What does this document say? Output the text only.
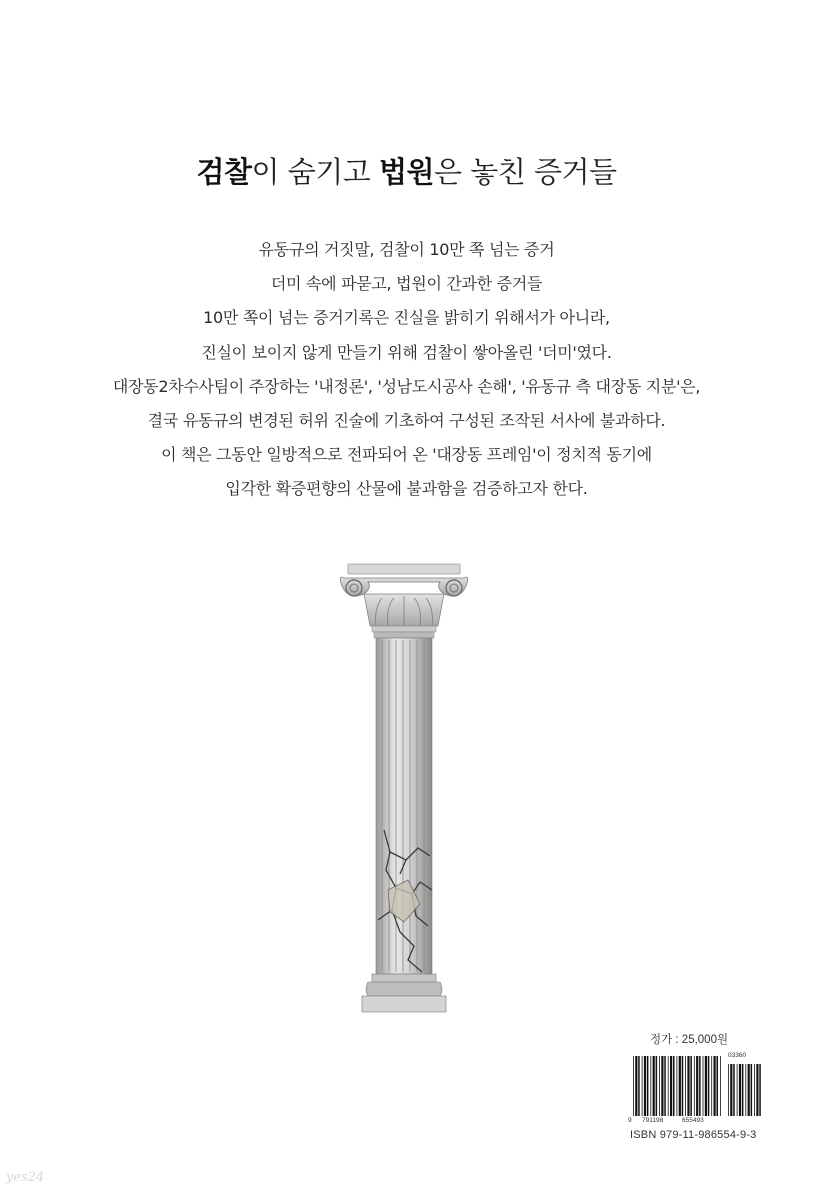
검찰이 숨기고 법원은 놓친 증거들
유동규의 거짓말, 검찰이 10만 쪽 넘는 증거
더미 속에 파묻고, 법원이 간과한 증거들
10만 쪽이 넘는 증거기록은 진실을 밝히기 위해서가 아니라,
진실이 보이지 않게 만들기 위해 검찰이 쌓아올린 '더미'였다.
대장동2차수사팀이 주장하는 '내정론', '성남도시공사 손해', '유동규 측 대장동 지분'은,
결국 유동규의 변경된 허위 진술에 기초하여 구성된 조작된 서사에 불과하다.
이 책은 그동안 일방적으로 전파되어 온 '대장동 프레임'이 정치적 동기에
입각한 확증편향의 산물에 불과함을 검증하고자 한다.
정가 : 25,000원
03360
9 791198	655493
ISBN 979-11-986554-9-3
yes24
